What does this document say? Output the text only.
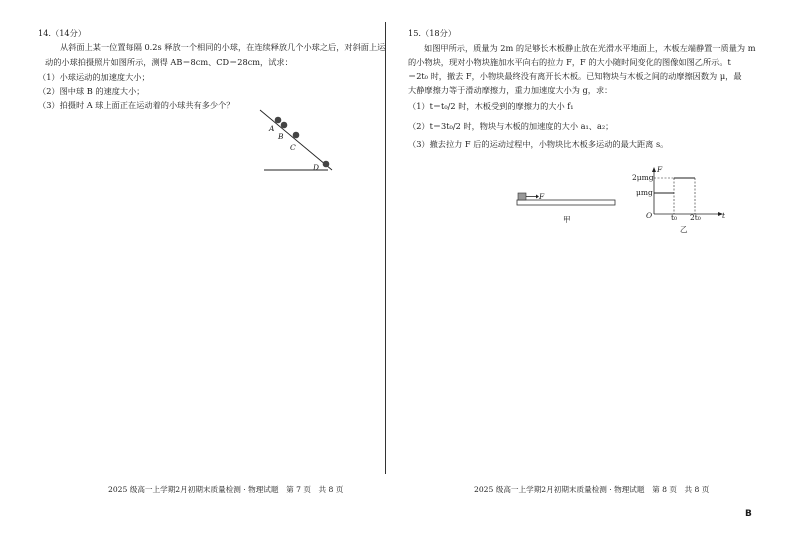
14.（14分）
从斜面上某一位置每隔 0.2s 释放一个相同的小球，在连续释放几个小球之后，对斜面上运
动的小球拍摄照片如图所示，测得 AB＝8cm、CD＝28cm，试求：
（1）小球运动的加速度大小；
（2）图中球 B 的速度大小；
（3）拍摄时 A 球上面正在运动着的小球共有多少个？
A
B
C
D
2025 级高一上学期2月初期末质量检测 · 物理试题　第 7 页　共 8 页
15.（18分）
如图甲所示，质量为 2m 的足够长木板静止放在光滑水平地面上，木板左端静置一质量为 m
的小物块，现对小物块施加水平向右的拉力 F，F 的大小随时间变化的图像如图乙所示。t
＝2t₀ 时，撤去 F，小物块最终没有离开长木板。已知物块与木板之间的动摩擦因数为 μ，最
大静摩擦力等于滑动摩擦力，重力加速度大小为 g，求：
（1）t＝t₀/2 时，木板受到的摩擦力的大小 f₁
（2）t＝3t₀/2 时，物块与木板的加速度的大小 a₁、a₂；
（3）撤去拉力 F 后的运动过程中，小物块比木板多运动的最大距离 s。
F
甲
F
t
O
2μmg
μmg
t₀ 2t₀
乙
2025 级高一上学期2月初期末质量检测 · 物理试题　第 8 页　共 8 页
B
